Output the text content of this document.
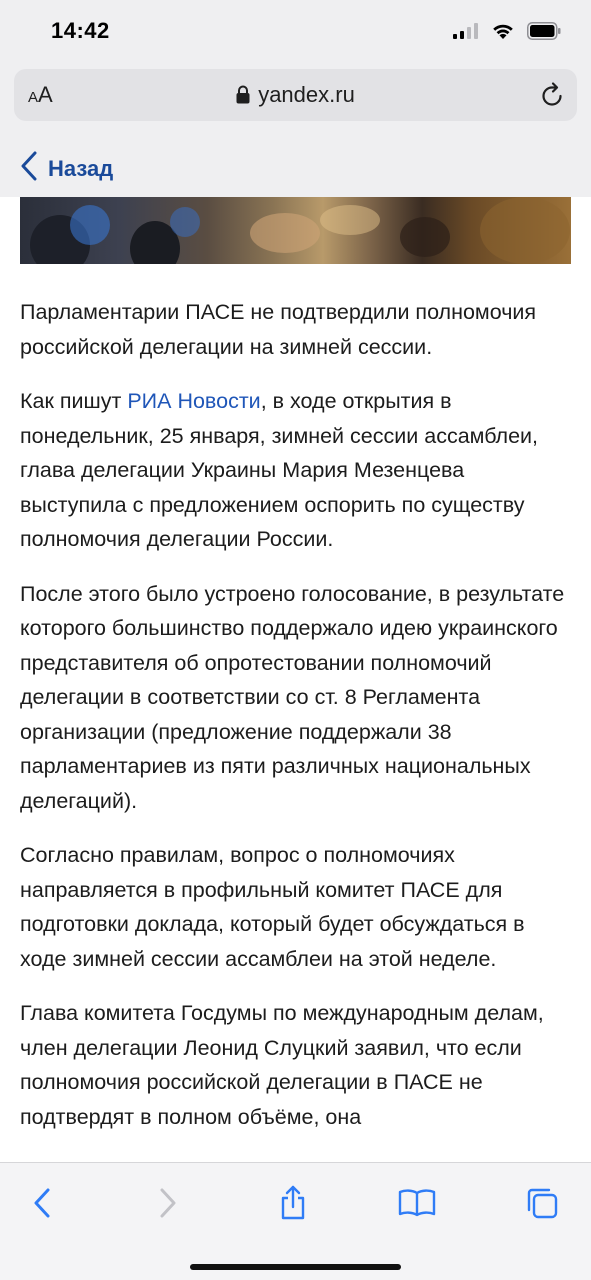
14:42
AA	yandex.ru
Назад

Парламентарии ПАСЕ не подтвердили полномочия российской делегации на зимней сессии.

Как пишут РИА Новости, в ходе открытия в понедельник, 25 января, зимней сессии ассамблеи, глава делегации Украины Мария Мезенцева выступила с предложением оспорить по существу полномочия делегации России.

После этого было устроено голосование, в результате которого большинство поддержало идею украинского представителя об опротестовании полномочий делегации в соответствии со ст. 8 Регламента организации (предложение поддержали 38 парламентариев из пяти различных национальных делегаций).

Согласно правилам, вопрос о полномочиях направляется в профильный комитет ПАСЕ для подготовки доклада, который будет обсуждаться в ходе зимней сессии ассамблеи на этой неделе.

Глава комитета Госдумы по международным делам, член делегации Леонид Слуцкий заявил, что если полномочия российской делегации в ПАСЕ не подтвердят в полном объёме, она
